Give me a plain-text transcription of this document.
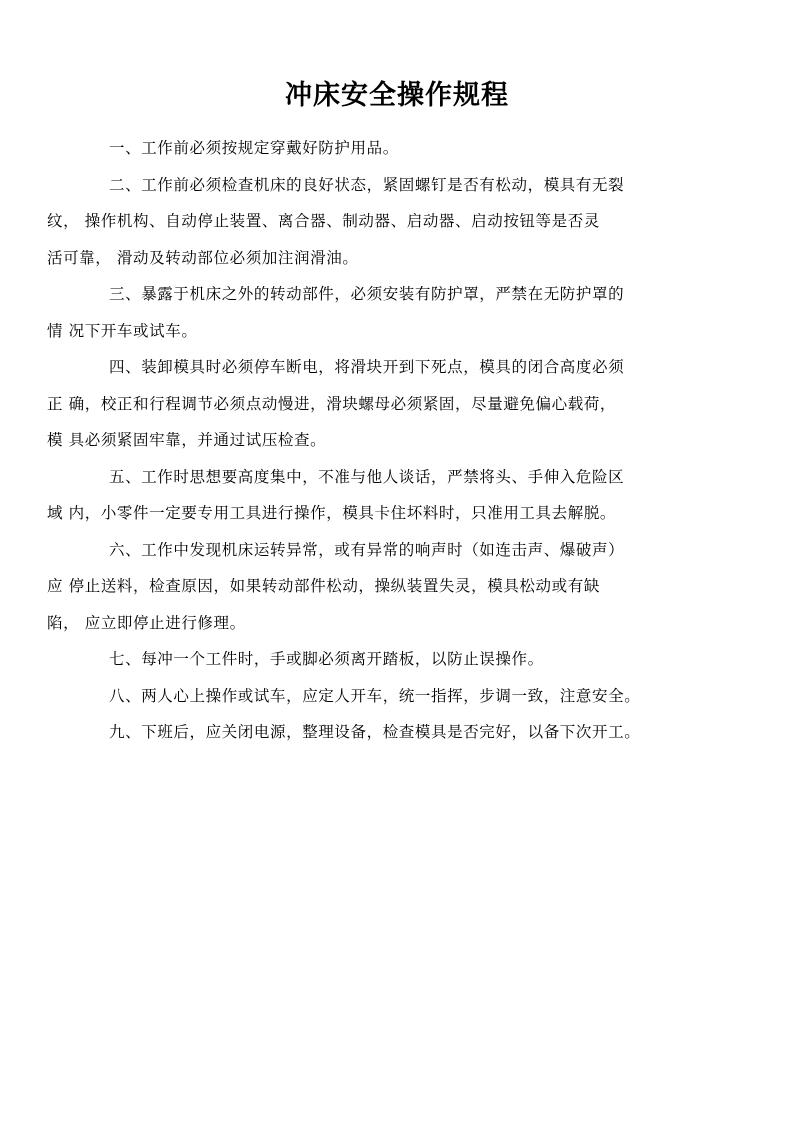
冲床安全操作规程

一、工作前必须按规定穿戴好防护用品。

二、工作前必须检查机床的良好状态，紧固螺钉是否有松动，模具有无裂
纹， 操作机构、自动停止装置、离合器、制动器、启动器、启动按钮等是否灵
活可靠， 滑动及转动部位必须加注润滑油。

三、暴露于机床之外的转动部件，必须安装有防护罩，严禁在无防护罩的
情 况下开车或试车。

四、装卸模具时必须停车断电，将滑块开到下死点，模具的闭合高度必须
正 确，校正和行程调节必须点动慢进，滑块螺母必须紧固，尽量避免偏心载荷，
模 具必须紧固牢靠，并通过试压检查。

五、工作时思想要高度集中，不准与他人谈话，严禁将头、手伸入危险区
域 内，小零件一定要专用工具进行操作，模具卡住坏料时，只准用工具去解脱。

六、工作中发现机床运转异常，或有异常的响声时（如连击声、爆破声）
应 停止送料，检查原因，如果转动部件松动，操纵装置失灵，模具松动或有缺
陷， 应立即停止进行修理。

七、每冲一个工件时，手或脚必须离开踏板，以防止误操作。

八、两人心上操作或试车，应定人开车，统一指挥，步调一致，注意安全。

九、下班后，应关闭电源，整理设备，检查模具是否完好，以备下次开工。
